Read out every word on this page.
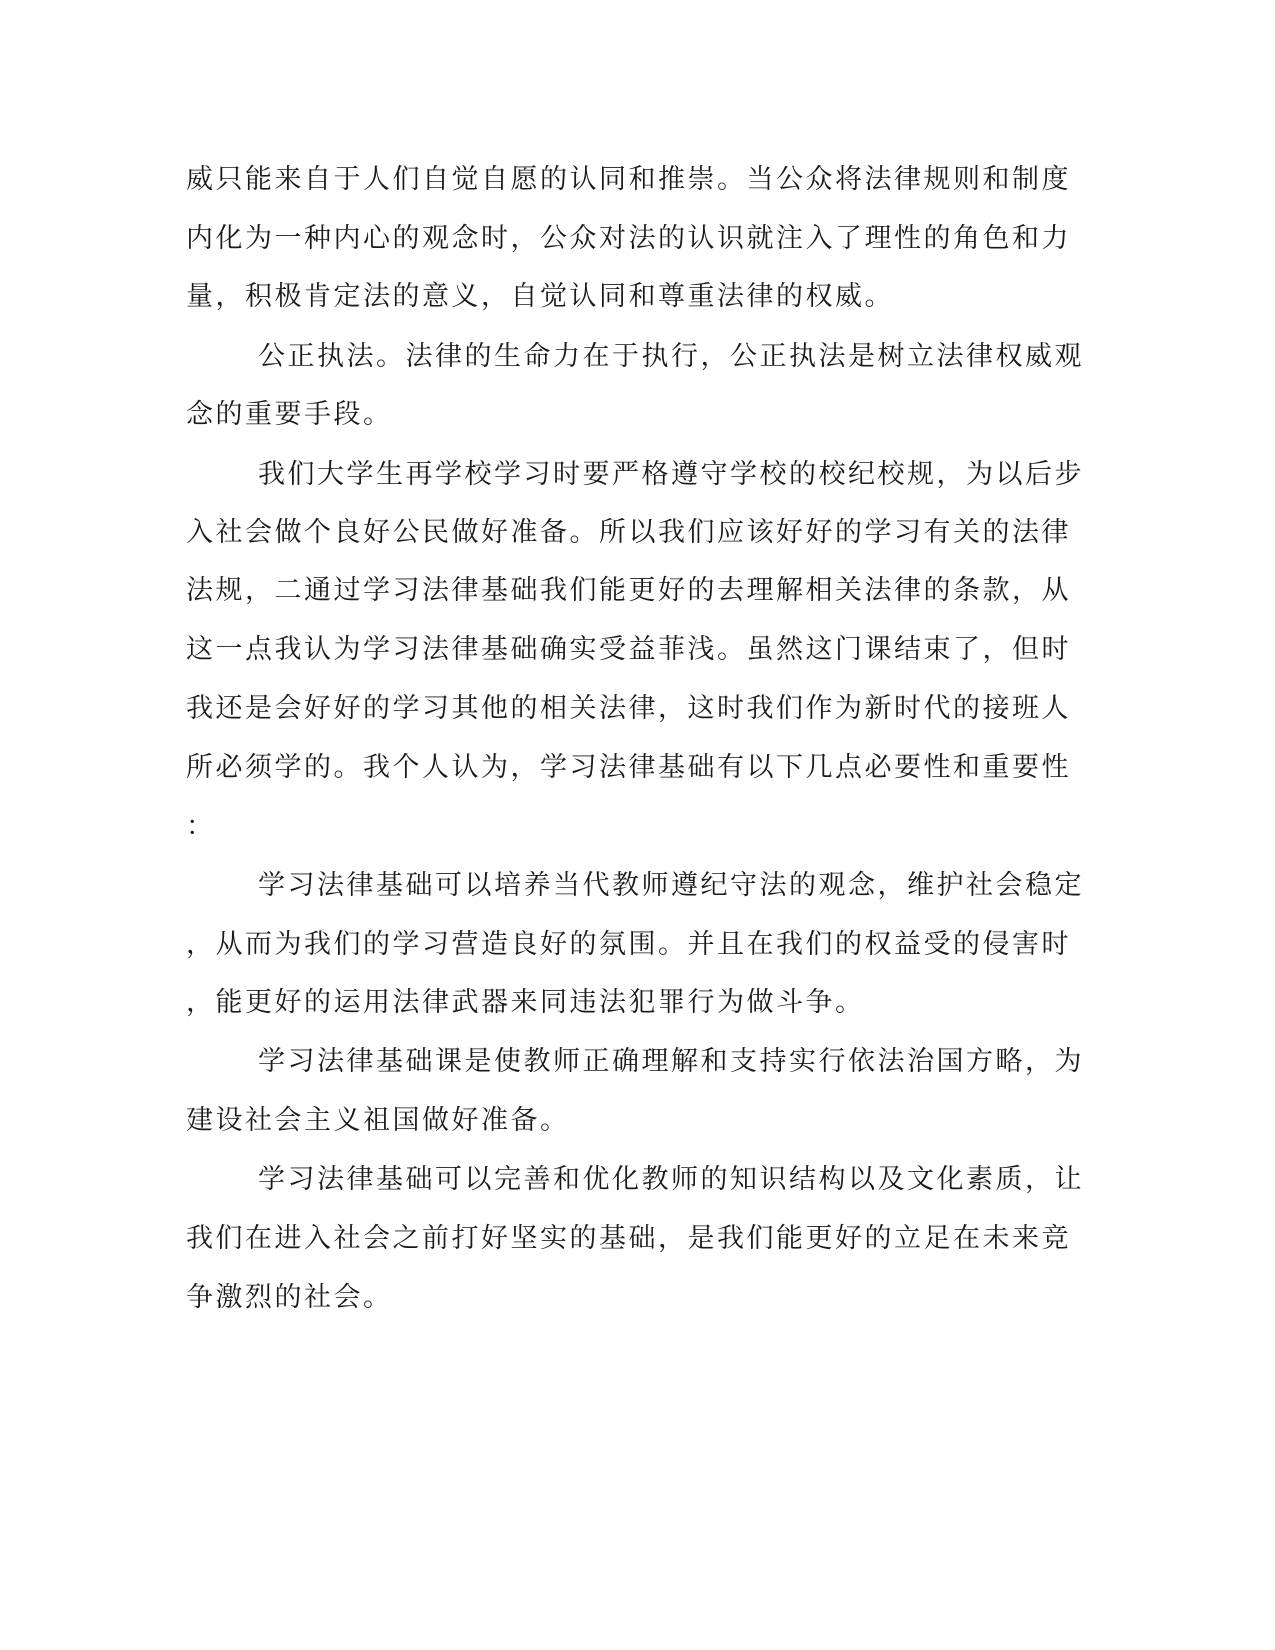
威只能来自于人们自觉自愿的认同和推崇。当公众将法律规则和制度
内化为一种内心的观念时，公众对法的认识就注入了理性的角色和力
量，积极肯定法的意义，自觉认同和尊重法律的权威。
公正执法。法律的生命力在于执行，公正执法是树立法律权威观
念的重要手段。
我们大学生再学校学习时要严格遵守学校的校纪校规，为以后步
入社会做个良好公民做好准备。所以我们应该好好的学习有关的法律
法规，二通过学习法律基础我们能更好的去理解相关法律的条款，从
这一点我认为学习法律基础确实受益菲浅。虽然这门课结束了，但时
我还是会好好的学习其他的相关法律，这时我们作为新时代的接班人
所必须学的。我个人认为，学习法律基础有以下几点必要性和重要性
：
学习法律基础可以培养当代教师遵纪守法的观念，维护社会稳定
，从而为我们的学习营造良好的氛围。并且在我们的权益受的侵害时
，能更好的运用法律武器来同违法犯罪行为做斗争。
学习法律基础课是使教师正确理解和支持实行依法治国方略，为
建设社会主义祖国做好准备。
学习法律基础可以完善和优化教师的知识结构以及文化素质，让
我们在进入社会之前打好坚实的基础，是我们能更好的立足在未来竞
争激烈的社会。
